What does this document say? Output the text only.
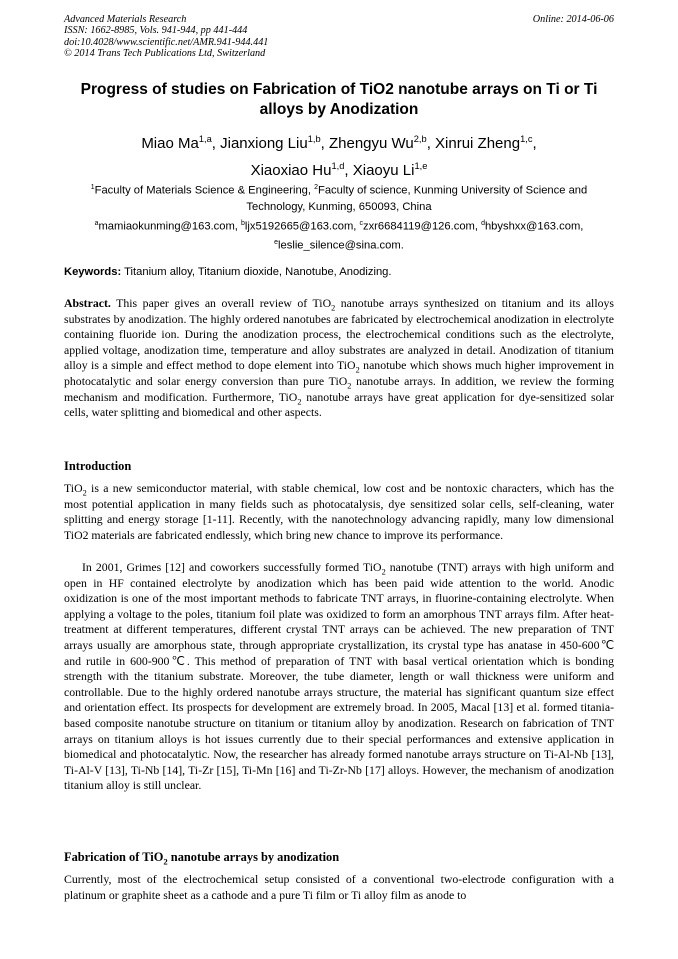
Advanced Materials Research
ISSN: 1662-8985, Vols. 941-944, pp 441-444
doi:10.4028/www.scientific.net/AMR.941-944.441
© 2014 Trans Tech Publications Ltd, Switzerland
Online: 2014-06-06
Progress of studies on Fabrication of TiO2 nanotube arrays on Ti or Ti alloys by Anodization
Miao Ma$^{1,a}$, Jianxiong Liu$^{1,b}$, Zhengyu Wu$^{2,b}$, Xinrui Zheng$^{1,c}$,
Xiaoxiao Hu$^{1,d}$, Xiaoyu Li$^{1,e}$
$^1$Faculty of Materials Science & Engineering, $^2$Faculty of science, Kunming University of Science and Technology, Kunming, 650093, China
$^a$mamiaokunming@163.com, $^b$ljx5192665@163.com, $^c$zxr6684119@126.com, $^d$hbyshxx@163.com,
$^e$leslie_silence@sina.com.
Keywords: Titanium alloy, Titanium dioxide, Nanotube, Anodizing.
Abstract. This paper gives an overall review of TiO$_2$ nanotube arrays synthesized on titanium and its alloys substrates by anodization. The highly ordered nanotubes are fabricated by electrochemical anodization in electrolyte containing fluoride ion. During the anodization process, the electrochemical conditions such as the electrolyte, applied voltage, anodization time, temperature and alloy substrates are analyzed in detail. Anodization of titanium alloy is a simple and effect method to dope element into TiO$_2$ nanotube which shows much higher improvement in photocatalytic and solar energy conversion than pure TiO$_2$ nanotube arrays. In addition, we review the forming mechanism and modification. Furthermore, TiO$_2$ nanotube arrays have great application for dye-sensitized solar cells, water splitting and biomedical and other aspects.
Introduction
TiO$_2$ is a new semiconductor material, with stable chemical, low cost and be nontoxic characters, which has the most potential application in many fields such as photocatalysis, dye sensitized solar cells, self-cleaning, water splitting and energy storage [1-11]. Recently, with the nanotechnology advancing rapidly, many low dimensional TiO2 materials are fabricated endlessly, which bring new chance to improve its performance.
In 2001, Grimes [12] and coworkers successfully formed TiO$_2$ nanotube (TNT) arrays with high uniform and open in HF contained electrolyte by anodization which has been paid wide attention to the world. Anodic oxidization is one of the most important methods to fabricate TNT arrays, in fluorine-containing electrolyte. When applying a voltage to the poles, titanium foil plate was oxidized to form an amorphous TNT arrays film. After heat-treatment at different temperatures, different crystal TNT arrays can be achieved. The new preparation of TNT arrays usually are amorphous state, through appropriate crystallization, its crystal type has anatase in 450-600℃ and rutile in 600-900℃. This method of preparation of TNT with basal vertical orientation which is bonding strength with the titanium substrate. Moreover, the tube diameter, length or wall thickness were uniform and controllable. Due to the highly ordered nanotube arrays structure, the material has significant quantum size effect and orientation effect. Its prospects for development are extremely broad. In 2005, Macal [13] et al. formed titania-based composite nanotube structure on titanium or titanium alloy by anodization. Research on fabrication of TNT arrays on titanium alloys is hot issues currently due to their special performances and extensive application in biomedical and photocatalytic. Now, the researcher has already formed nanotube arrays structure on Ti-Al-Nb [13], Ti-Al-V [13], Ti-Nb [14], Ti-Zr [15], Ti-Mn [16] and Ti-Zr-Nb [17] alloys. However, the mechanism of anodization titanium alloy is still unclear.
Fabrication of TiO$_2$ nanotube arrays by anodization
Currently, most of the electrochemical setup consisted of a conventional two-electrode configuration with a platinum or graphite sheet as a cathode and a pure Ti film or Ti alloy film as anode to
